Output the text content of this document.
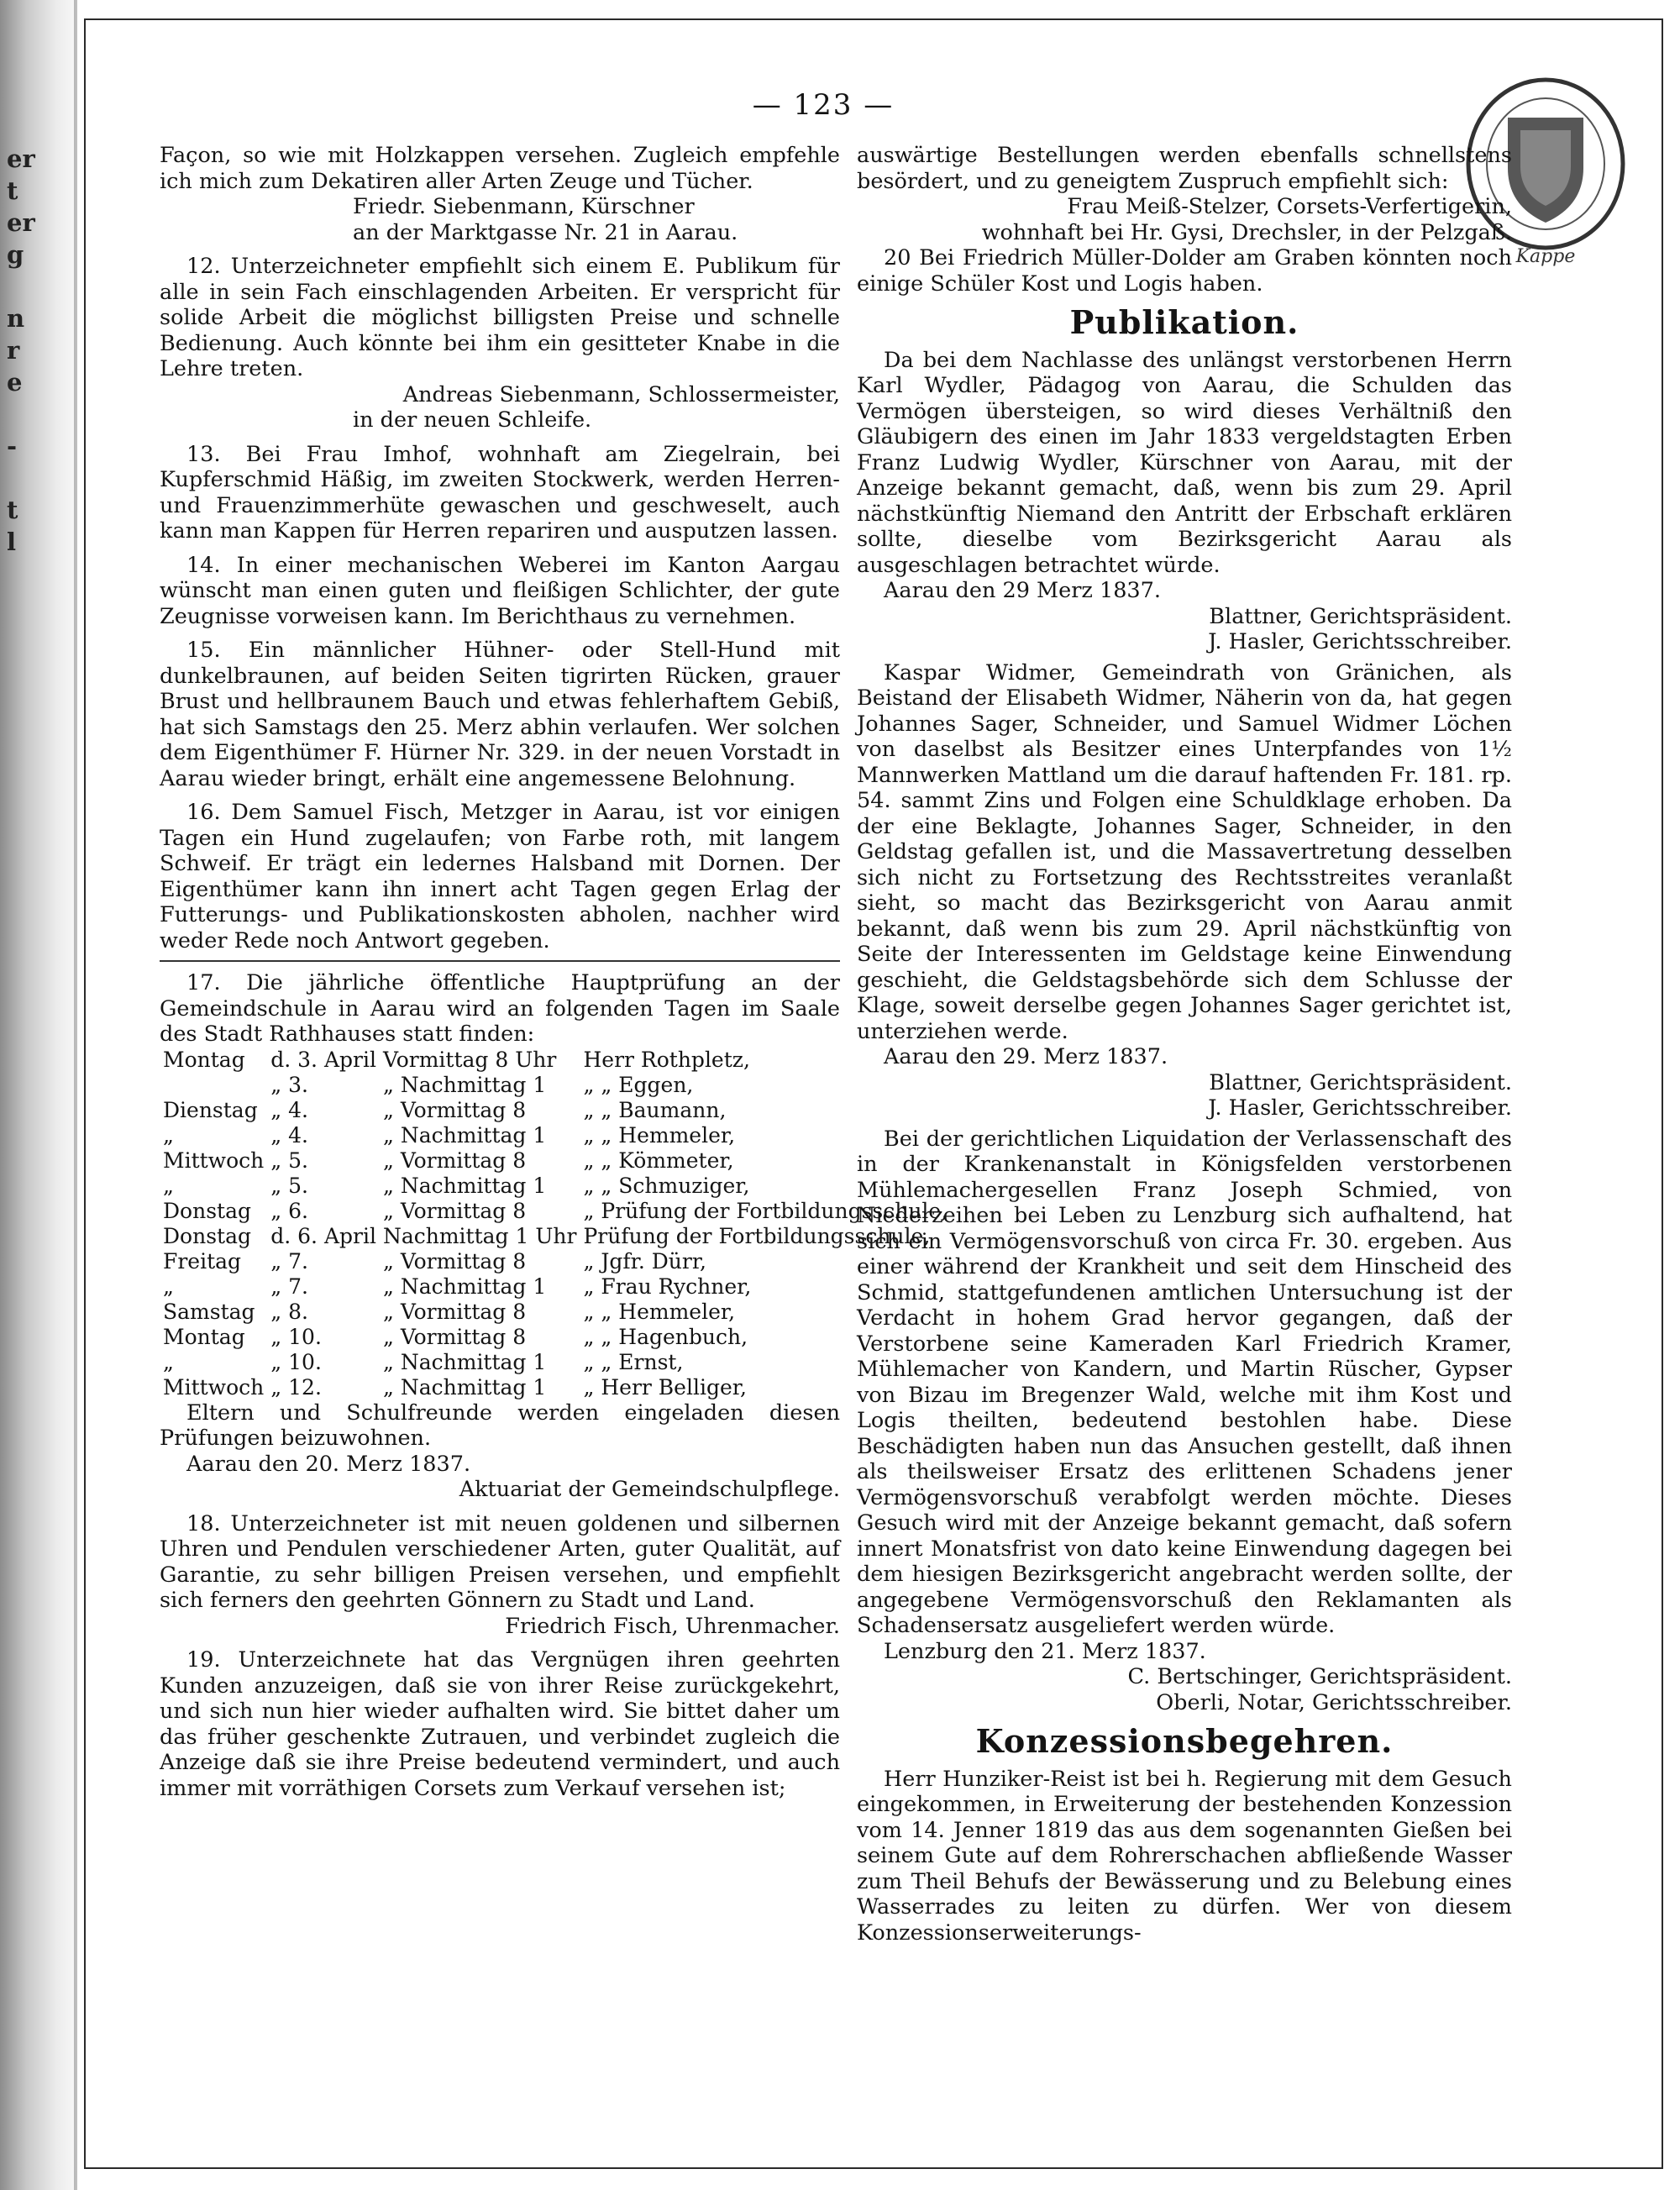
er
t
er
g
n
r
e
-
t
l
— 123 —
Kappe

Façon, so wie mit Holzkappen versehen. Zugleich empfehle ich mich zum Dekatiren aller Arten Zeuge und Tücher.

Friedr. Siebenmann, Kürschner

an der Marktgasse Nr. 21 in Aarau.

12. Unterzeichneter empfiehlt sich einem E. Publikum für alle in sein Fach einschlagenden Arbeiten. Er verspricht für solide Arbeit die möglichst billigsten Preise und schnelle Bedienung. Auch könnte bei ihm ein gesitteter Knabe in die Lehre treten.

Andreas Siebenmann, Schlossermeister,

in der neuen Schleife.

13. Bei Frau Imhof, wohnhaft am Ziegelrain, bei Kupferschmid Häßig, im zweiten Stockwerk, werden Herren- und Frauenzimmerhüte gewaschen und geschweselt, auch kann man Kappen für Herren repariren und ausputzen lassen.

14. In einer mechanischen Weberei im Kanton Aargau wünscht man einen guten und fleißigen Schlichter, der gute Zeugnisse vorweisen kann. Im Berichthaus zu vernehmen.

15. Ein männlicher Hühner- oder Stell-Hund mit dunkelbraunen, auf beiden Seiten tigrirten Rücken, grauer Brust und hellbraunem Bauch und etwas fehlerhaftem Gebiß, hat sich Samstags den 25. Merz abhin verlaufen. Wer solchen dem Eigenthümer F. Hürner Nr. 329. in der neuen Vorstadt in Aarau wieder bringt, erhält eine angemessene Belohnung.

16. Dem Samuel Fisch, Metzger in Aarau, ist vor einigen Tagen ein Hund zugelaufen; von Farbe roth, mit langem Schweif. Er trägt ein ledernes Halsband mit Dornen. Der Eigenthümer kann ihn innert acht Tagen gegen Erlag der Futterungs- und Publikationskosten abholen, nachher wird weder Rede noch Antwort gegeben.

17. Die jährliche öffentliche Hauptprüfung an der Gemeindschule in Aarau wird an folgenden Tagen im Saale des Stadt Rathhauses statt finden:

Montag	d. 3. April	Vormittag 8 Uhr	Herr Rothpletz,
	„ 3.	„ Nachmittag 1	„ „ Eggen,
Dienstag	„ 4.	„ Vormittag 8	„ „ Baumann,
„	„ 4.	„ Nachmittag 1	„ „ Hemmeler,
Mittwoch	„ 5.	„ Vormittag 8	„ „ Kömmeter,
„	„ 5.	„ Nachmittag 1	„ „ Schmuziger,
Donstag	„ 6.	„ Vormittag 8	„ Prüfung der Fortbildungsschule,
Donstag	d. 6. April	Nachmittag 1 Uhr	Prüfung der Fortbildungsschule,
Freitag	„ 7.	„ Vormittag 8	„ Jgfr. Dürr,
„	„ 7.	„ Nachmittag 1	„ Frau Rychner,
Samstag	„ 8.	„ Vormittag 8	„ „ Hemmeler,
Montag	„ 10.	„ Vormittag 8	„ „ Hagenbuch,
„	„ 10.	„ Nachmittag 1	„ „ Ernst,
Mittwoch	„ 12.	„ Nachmittag 1	„ Herr Belliger,

Eltern und Schulfreunde werden eingeladen diesen Prüfungen beizuwohnen.

Aarau den 20. Merz 1837.

Aktuariat der Gemeindschulpflege.

18. Unterzeichneter ist mit neuen goldenen und silbernen Uhren und Pendulen verschiedener Arten, guter Qualität, auf Garantie, zu sehr billigen Preisen versehen, und empfiehlt sich ferners den geehrten Gönnern zu Stadt und Land.

Friedrich Fisch, Uhrenmacher.

19. Unterzeichnete hat das Vergnügen ihren geehrten Kunden anzuzeigen, daß sie von ihrer Reise zurückgekehrt, und sich nun hier wieder aufhalten wird. Sie bittet daher um das früher geschenkte Zutrauen, und verbindet zugleich die Anzeige daß sie ihre Preise bedeutend vermindert, und auch immer mit vorräthigen Corsets zum Verkauf versehen ist;

auswärtige Bestellungen werden ebenfalls schnellstens besördert, und zu geneigtem Zuspruch empfiehlt sich:

Frau Meiß-Stelzer, Corsets-Verfertigerin,

wohnhaft bei Hr. Gysi, Drechsler, in der Pelzgaß.

20 Bei Friedrich Müller-Dolder am Graben könnten noch einige Schüler Kost und Logis haben.

Publikation.

Da bei dem Nachlasse des unlängst verstorbenen Herrn Karl Wydler, Pädagog von Aarau, die Schulden das Vermögen übersteigen, so wird dieses Verhältniß den Gläubigern des einen im Jahr 1833 vergeldstagten Erben Franz Ludwig Wydler, Kürschner von Aarau, mit der Anzeige bekannt gemacht, daß, wenn bis zum 29. April nächstkünftig Niemand den Antritt der Erbschaft erklären sollte, dieselbe vom Bezirksgericht Aarau als ausgeschlagen betrachtet würde.

Aarau den 29 Merz 1837.

Blattner, Gerichtspräsident.

J. Hasler, Gerichtsschreiber.

Kaspar Widmer, Gemeindrath von Gränichen, als Beistand der Elisabeth Widmer, Näherin von da, hat gegen Johannes Sager, Schneider, und Samuel Widmer Löchen von daselbst als Besitzer eines Unterpfandes von 1½ Mannwerken Mattland um die darauf haftenden Fr. 181. rp. 54. sammt Zins und Folgen eine Schuldklage erhoben. Da der eine Beklagte, Johannes Sager, Schneider, in den Geldstag gefallen ist, und die Massavertretung desselben sich nicht zu Fortsetzung des Rechtsstreites veranlaßt sieht, so macht das Bezirksgericht von Aarau anmit bekannt, daß wenn bis zum 29. April nächstkünftig von Seite der Interessenten im Geldstage keine Einwendung geschieht, die Geldstagsbehörde sich dem Schlusse der Klage, soweit derselbe gegen Johannes Sager gerichtet ist, unterziehen werde.

Aarau den 29. Merz 1837.

Blattner, Gerichtspräsident.

J. Hasler, Gerichtsschreiber.

Bei der gerichtlichen Liquidation der Verlassenschaft des in der Krankenanstalt in Königsfelden verstorbenen Mühlemachergesellen Franz Joseph Schmied, von Niederzeihen bei Leben zu Lenzburg sich aufhaltend, hat sich ein Vermögensvorschuß von circa Fr. 30. ergeben. Aus einer während der Krankheit und seit dem Hinscheid des Schmid, stattgefundenen amtlichen Untersuchung ist der Verdacht in hohem Grad hervor gegangen, daß der Verstorbene seine Kameraden Karl Friedrich Kramer, Mühlemacher von Kandern, und Martin Rüscher, Gypser von Bizau im Bregenzer Wald, welche mit ihm Kost und Logis theilten, bedeutend bestohlen habe. Diese Beschädigten haben nun das Ansuchen gestellt, daß ihnen als theilsweiser Ersatz des erlittenen Schadens jener Vermögensvorschuß verabfolgt werden möchte. Dieses Gesuch wird mit der Anzeige bekannt gemacht, daß sofern innert Monatsfrist von dato keine Einwendung dagegen bei dem hiesigen Bezirksgericht angebracht werden sollte, der angegebene Vermögensvorschuß den Reklamanten als Schadensersatz ausgeliefert werden würde.

Lenzburg den 21. Merz 1837.

C. Bertschinger, Gerichtspräsident.

Oberli, Notar, Gerichtsschreiber.

Konzessionsbegehren.

Herr Hunziker-Reist ist bei h. Regierung mit dem Gesuch eingekommen, in Erweiterung der bestehenden Konzession vom 14. Jenner 1819 das aus dem sogenannten Gießen bei seinem Gute auf dem Rohrerschachen abfließende Wasser zum Theil Behufs der Bewässerung und zu Belebung eines Wasserrades zu leiten zu dürfen. Wer von diesem Konzessionserweiterungs-
